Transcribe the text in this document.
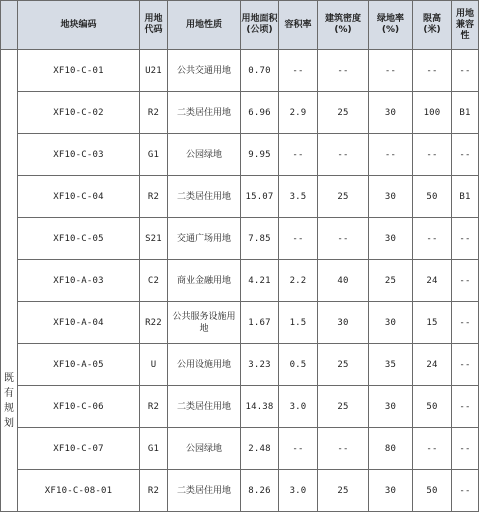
	地块编码	用地代码	用地性质	用地面积(公顷)	容积率	建筑密度(%)	绿地率(%)	限高(米)	用地兼容性

既有规划	XF10-C-01	U21	公共交通用地	0.70	--	--	--	--	--
	XF10-C-02	R2	二类居住用地	6.96	2.9	25	30	100	B1
	XF10-C-03	G1	公园绿地	9.95	--	--	--	--	--
	XF10-C-04	R2	二类居住用地	15.07	3.5	25	30	50	B1
	XF10-C-05	S21	交通广场用地	7.85	--	--	30	--	--
	XF10-A-03	C2	商业金融用地	4.21	2.2	40	25	24	--
	XF10-A-04	R22	公共服务设施用地	1.67	1.5	30	30	15	--
	XF10-A-05	U	公用设施用地	3.23	0.5	25	35	24	--
	XF10-C-06	R2	二类居住用地	14.38	3.0	25	30	50	--
	XF10-C-07	G1	公园绿地	2.48	--	--	80	--	--
	XF10-C-08-01	R2	二类居住用地	8.26	3.0	25	30	50	--
